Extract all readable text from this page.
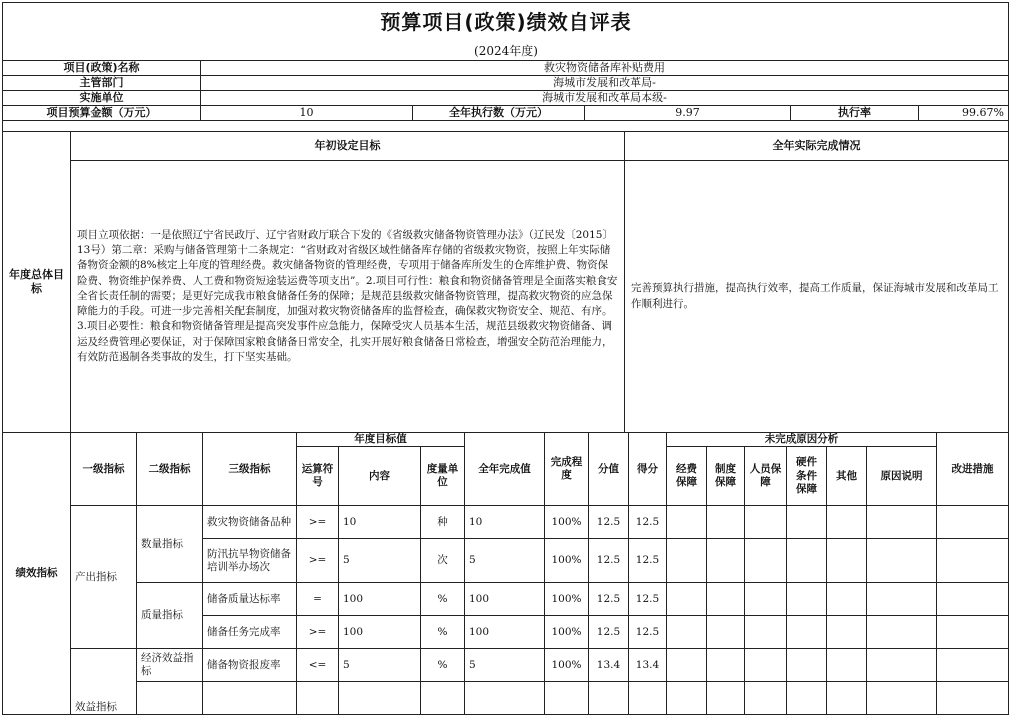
预算项目(政策)绩效自评表
(2024年度)
项目(政策)名称	救灾物资储备库补贴费用				
主管部门	海城市发展和改革局-				
实施单位	海城市发展和改革局本级-				
项目预算金额（万元）	10	全年执行数（万元）	9.97	执行率	99.67%
年度总体目标	年初设定目标	全年实际完成情况
	项目立项依据：一是依照辽宁省民政厅、辽宁省财政厅联合下发的《省级救灾储备物资管理办法》（辽民发〔2015〕13号）第二章：采购与储备管理第十二条规定：“省财政对省级区域性储备库存储的省级救灾物资，按照上年实际储备物资金额的8%核定上年度的管理经费。救灾储备物资的管理经费，专项用于储备库所发生的仓库维护费、物资保险费、物资维护保养费、人工费和物资短途装运费等项支出”。2.项目可行性：粮食和物资储备管理是全面落实粮食安全省长责任制的需要；是更好完成我市粮食储备任务的保障；是规范县级救灾储备物资管理，提高救灾物资的应急保障能力的手段。可进一步完善相关配套制度，加强对救灾物资储备库的监督检查，确保救灾物资安全、规范、有序。3.项目必要性：粮食和物资储备管理是提高突发事件应急能力，保障受灾人员基本生活，规范县级救灾物资储备、调运及经费管理必要保证，对于保障国家粮食储备日常安全，扎实开展好粮食储备日常检查，增强安全防范治理能力，有效防范遏制各类事故的发生，打下坚实基础。	完善预算执行措施，提高执行效率，提高工作质量，保证海城市发展和改革局工作顺利进行。
绩效指标	一级指标	二级指标	三级指标	年度目标值			全年完成值	完成程度	分值	得分	未完成原因分析						改进措施
				运算符号	内容	度量单位					经费保障	制度保障	人员保障	硬件条件保障	其他	原因说明	
	产出指标	数量指标	救灾物资储备品种	>=	10	种	10	100%	12.5	12.5							
			防汛抗旱物资储备培训举办场次	>=	5	次	5	100%	12.5	12.5							
		质量指标	储备质量达标率	=	100	%	100	100%	12.5	12.5							
			储备任务完成率	>=	100	%	100	100%	12.5	12.5							
	效益指标	经济效益指标	储备物资报废率	<=	5	%	5	100%	13.4	13.4							
